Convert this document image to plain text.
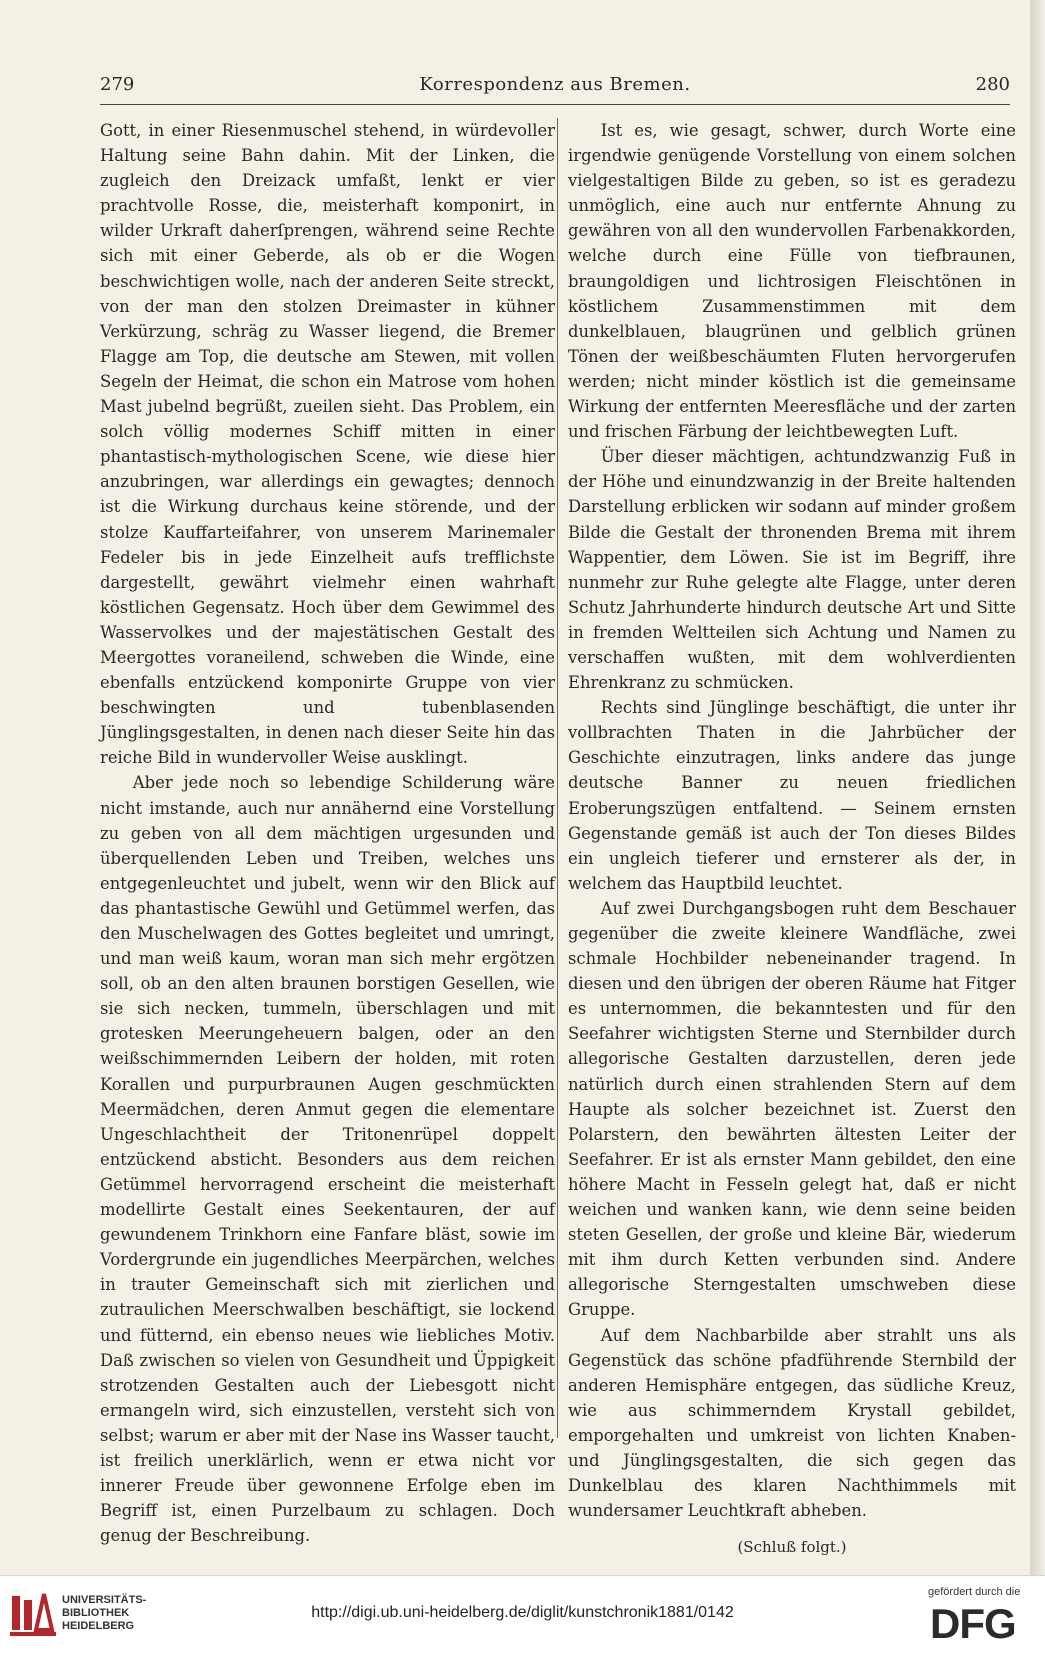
279	Korrespondenz aus Bremen.	280

Gott, in einer Riesenmuschel stehend, in würdevoller Haltung seine Bahn dahin. Mit der Linken, die zugleich den Dreizack umfaßt, lenkt er vier prachtvolle Rosse, die, meisterhaft komponirt, in wilder Urkraft daherſprengen, während seine Rechte sich mit einer Geberde, als ob er die Wogen beschwichtigen wolle, nach der anderen Seite streckt, von der man den stolzen Dreimaster in kühner Verkürzung, schräg zu Wasser liegend, die Bremer Flagge am Top, die deutsche am Stewen, mit vollen Segeln der Heimat, die schon ein Matrose vom hohen Mast jubelnd begrüßt, zueilen sieht. Das Problem, ein solch völlig modernes Schiff mitten in einer phantastisch-mythologischen Scene, wie diese hier anzubringen, war allerdings ein gewagtes; dennoch ist die Wirkung durchaus keine störende, und der stolze Kauffarteifahrer, von unserem Marinemaler Fedeler bis in jede Einzelheit aufs trefflichste dargestellt, gewährt vielmehr einen wahrhaft köstlichen Gegensatz. Hoch über dem Gewimmel des Wasservolkes und der majestätischen Gestalt des Meergottes voraneilend, schweben die Winde, eine ebenfalls entzückend komponirte Gruppe von vier beschwingten und tubenblasenden Jünglingsgestalten, in denen nach dieser Seite hin das reiche Bild in wundervoller Weise ausklingt.

Aber jede noch so lebendige Schilderung wäre nicht imstande, auch nur annähernd eine Vorstellung zu geben von all dem mächtigen urgesunden und überquellenden Leben und Treiben, welches uns entgegenleuchtet und jubelt, wenn wir den Blick auf das phantastische Gewühl und Getümmel werfen, das den Muschelwagen des Gottes begleitet und umringt, und man weiß kaum, woran man sich mehr ergötzen soll, ob an den alten braunen borstigen Gesellen, wie sie sich necken, tummeln, überschlagen und mit grotesken Meerungeheuern balgen, oder an den weißschimmernden Leibern der holden, mit roten Korallen und purpurbraunen Augen geschmückten Meermädchen, deren Anmut gegen die elementare Ungeschlachtheit der Tritonenrüpel doppelt entzückend absticht. Besonders aus dem reichen Getümmel hervorragend erscheint die meisterhaft modellirte Gestalt eines Seekentauren, der auf gewundenem Trinkhorn eine Fanfare bläst, sowie im Vordergrunde ein jugendliches Meerpärchen, welches in trauter Gemeinschaft sich mit zierlichen und zutraulichen Meerschwalben beschäftigt, sie lockend und fütternd, ein ebenso neues wie liebliches Motiv. Daß zwischen so vielen von Gesundheit und Üppigkeit strotzenden Gestalten auch der Liebesgott nicht ermangeln wird, sich einzustellen, versteht sich von selbst; warum er aber mit der Nase ins Wasser taucht, ist freilich unerklärlich, wenn er etwa nicht vor innerer Freude über gewonnene Erfolge eben im Begriff ist, einen Purzelbaum zu schlagen. Doch genug der Beschreibung.

Ist es, wie gesagt, schwer, durch Worte eine irgendwie genügende Vorstellung von einem solchen vielgestaltigen Bilde zu geben, so ist es geradezu unmöglich, eine auch nur entfernte Ahnung zu gewähren von all den wundervollen Farbenakkorden, welche durch eine Fülle von tiefbraunen, braungoldigen und lichtrosigen Fleischtönen in köstlichem Zusammenstimmen mit dem dunkelblauen, blaugrünen und gelblich grünen Tönen der weißbeschäumten Fluten hervorgerufen werden; nicht minder köstlich ist die gemeinsame Wirkung der entfernten Meeresfläche und der zarten und frischen Färbung der leichtbewegten Luft.

Über dieser mächtigen, achtundzwanzig Fuß in der Höhe und einundzwanzig in der Breite haltenden Darstellung erblicken wir sodann auf minder großem Bilde die Gestalt der thronenden Brema mit ihrem Wappentier, dem Löwen. Sie ist im Begriff, ihre nunmehr zur Ruhe gelegte alte Flagge, unter deren Schutz Jahrhunderte hindurch deutsche Art und Sitte in fremden Weltteilen sich Achtung und Namen zu verschaffen wußten, mit dem wohlverdienten Ehrenkranz zu schmücken.

Rechts sind Jünglinge beschäftigt, die unter ihr vollbrachten Thaten in die Jahrbücher der Geschichte einzutragen, links andere das junge deutsche Banner zu neuen friedlichen Eroberungszügen entfaltend. — Seinem ernsten Gegenstande gemäß ist auch der Ton dieses Bildes ein ungleich tieferer und ernsterer als der, in welchem das Hauptbild leuchtet.

Auf zwei Durchgangsbogen ruht dem Beschauer gegenüber die zweite kleinere Wandfläche, zwei schmale Hochbilder nebeneinander tragend. In diesen und den übrigen der oberen Räume hat Fitger es unternommen, die bekanntesten und für den Seefahrer wichtigsten Sterne und Sternbilder durch allegorische Gestalten darzustellen, deren jede natürlich durch einen strahlenden Stern auf dem Haupte als solcher bezeichnet ist. Zuerst den Polarstern, den bewährten ältesten Leiter der Seefahrer. Er ist als ernster Mann gebildet, den eine höhere Macht in Fesseln gelegt hat, daß er nicht weichen und wanken kann, wie denn seine beiden steten Gesellen, der große und kleine Bär, wiederum mit ihm durch Ketten verbunden sind. Andere allegorische Sterngestalten umschweben diese Gruppe.

Auf dem Nachbarbilde aber strahlt uns als Gegenstück das schöne pfadführende Sternbild der anderen Hemisphäre entgegen, das südliche Kreuz, wie aus schimmerndem Krystall gebildet, emporgehalten und umkreist von lichten Knaben- und Jünglingsgestalten, die sich gegen das Dunkelblau des klaren Nachthimmels mit wundersamer Leuchtkraft abheben.

(Schluß folgt.)

UNIVERSITÄTS-
BIBLIOTHEK
HEIDELBERG
http://digi.ub.uni-heidelberg.de/diglit/kunstchronik1881/0142
gefördert durch die
DFG
